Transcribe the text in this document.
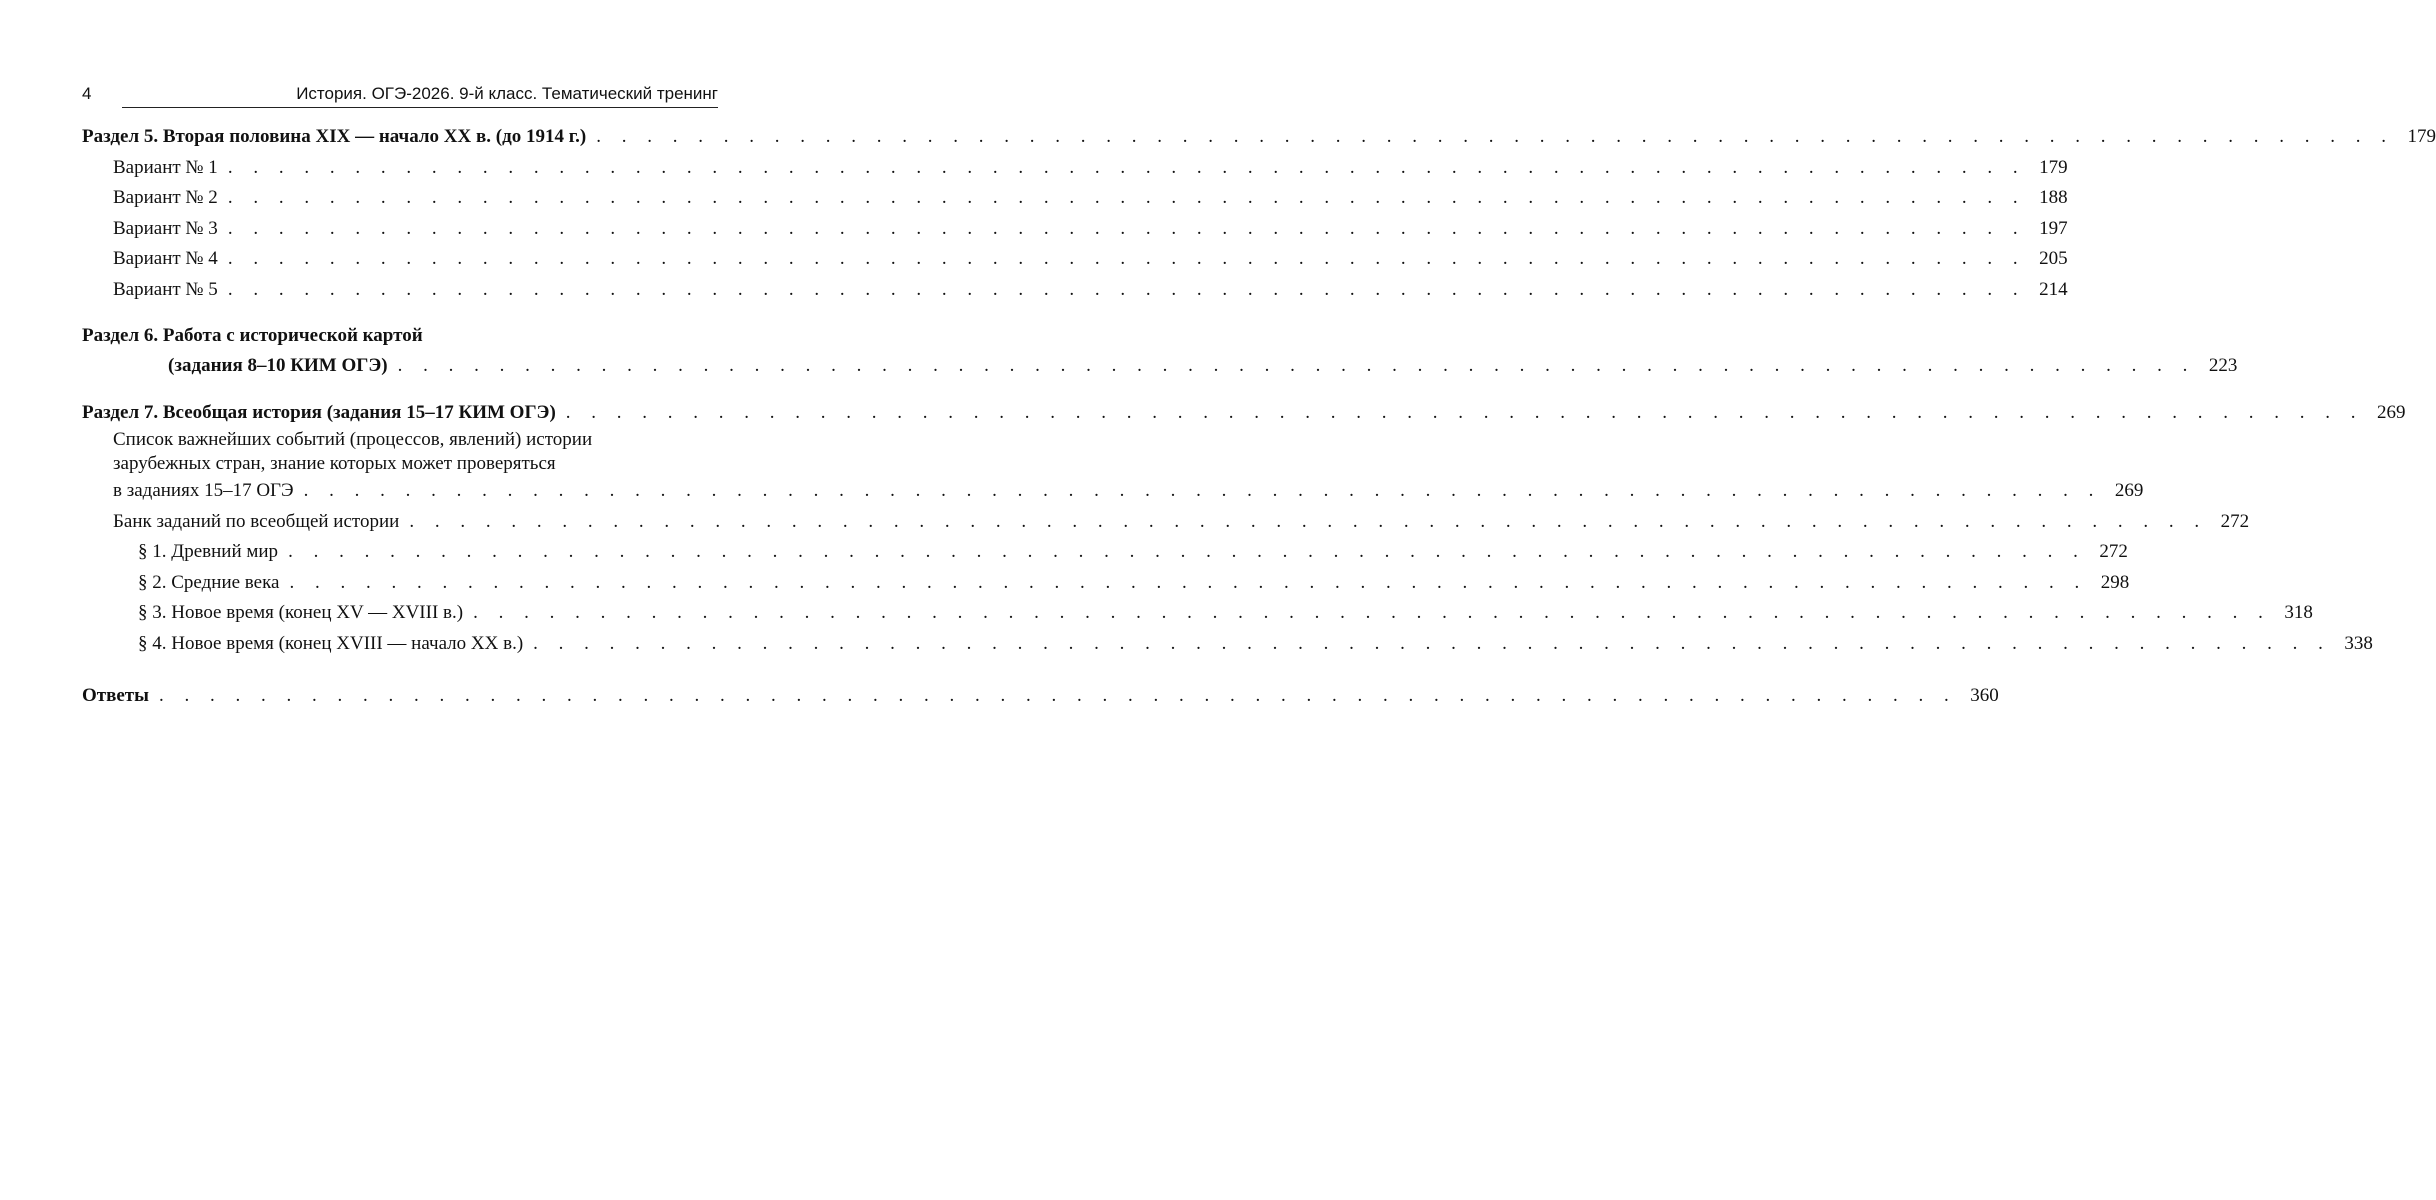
4	История. ОГЭ-2026. 9-й класс. Тематический тренинг
Раздел 5. Вторая половина XIX — начало XX в. (до 1914 г.) . . . . . . . . . . . . . . . . . . . . . . . . . . . . . . . . . . . . . . . . . . . . . . . . . . . . . . . . . . . . . . . . . . . . . . . 179
Вариант № 1 . . . . . . . . . . . . . . . . . . . . . . . . . . . . . . . . . . . . . . . . . . . . . . . . . . . . . . . . . . . . . . . . . . . . . . . 179
Вариант № 2 . . . . . . . . . . . . . . . . . . . . . . . . . . . . . . . . . . . . . . . . . . . . . . . . . . . . . . . . . . . . . . . . . . . . . . . 188
Вариант № 3 . . . . . . . . . . . . . . . . . . . . . . . . . . . . . . . . . . . . . . . . . . . . . . . . . . . . . . . . . . . . . . . . . . . . . . . 197
Вариант № 4 . . . . . . . . . . . . . . . . . . . . . . . . . . . . . . . . . . . . . . . . . . . . . . . . . . . . . . . . . . . . . . . . . . . . . . . 205
Вариант № 5 . . . . . . . . . . . . . . . . . . . . . . . . . . . . . . . . . . . . . . . . . . . . . . . . . . . . . . . . . . . . . . . . . . . . . . . 214
Раздел 6. Работа с исторической картой
(задания 8–10 КИМ ОГЭ) . . . . . . . . . . . . . . . . . . . . . . . . . . . . . . . . . . . . . . . . . . . . . . . . . . . . . . . . . . . . . . . . . . . . . . . 223
Раздел 7. Всеобщая история (задания 15–17 КИМ ОГЭ) . . . . . . . . . . . . . . . . . . . . . . . . . . . . . . . . . . . . . . . . . . . . . . . . . . . . . . . . . . . . . . . . . . . . . . . 269
Список важнейших событий (процессов, явлений) истории
зарубежных стран, знание которых может проверяться
в заданиях 15–17 ОГЭ . . . . . . . . . . . . . . . . . . . . . . . . . . . . . . . . . . . . . . . . . . . . . . . . . . . . . . . . . . . . . . . . . . . . . . . 269
Банк заданий по всеобщей истории . . . . . . . . . . . . . . . . . . . . . . . . . . . . . . . . . . . . . . . . . . . . . . . . . . . . . . . . . . . . . . . . . . . . . . . 272
§ 1. Древний мир . . . . . . . . . . . . . . . . . . . . . . . . . . . . . . . . . . . . . . . . . . . . . . . . . . . . . . . . . . . . . . . . . . . . . . . 272
§ 2. Средние века . . . . . . . . . . . . . . . . . . . . . . . . . . . . . . . . . . . . . . . . . . . . . . . . . . . . . . . . . . . . . . . . . . . . . . . 298
§ 3. Новое время (конец XV — XVIII в.) . . . . . . . . . . . . . . . . . . . . . . . . . . . . . . . . . . . . . . . . . . . . . . . . . . . . . . . . . . . . . . . . . . . . . . . 318
§ 4. Новое время (конец XVIII — начало XX в.) . . . . . . . . . . . . . . . . . . . . . . . . . . . . . . . . . . . . . . . . . . . . . . . . . . . . . . . . . . . . . . . . . . . . . . . 338
Ответы . . . . . . . . . . . . . . . . . . . . . . . . . . . . . . . . . . . . . . . . . . . . . . . . . . . . . . . . . . . . . . . . . . . . . . . 360
